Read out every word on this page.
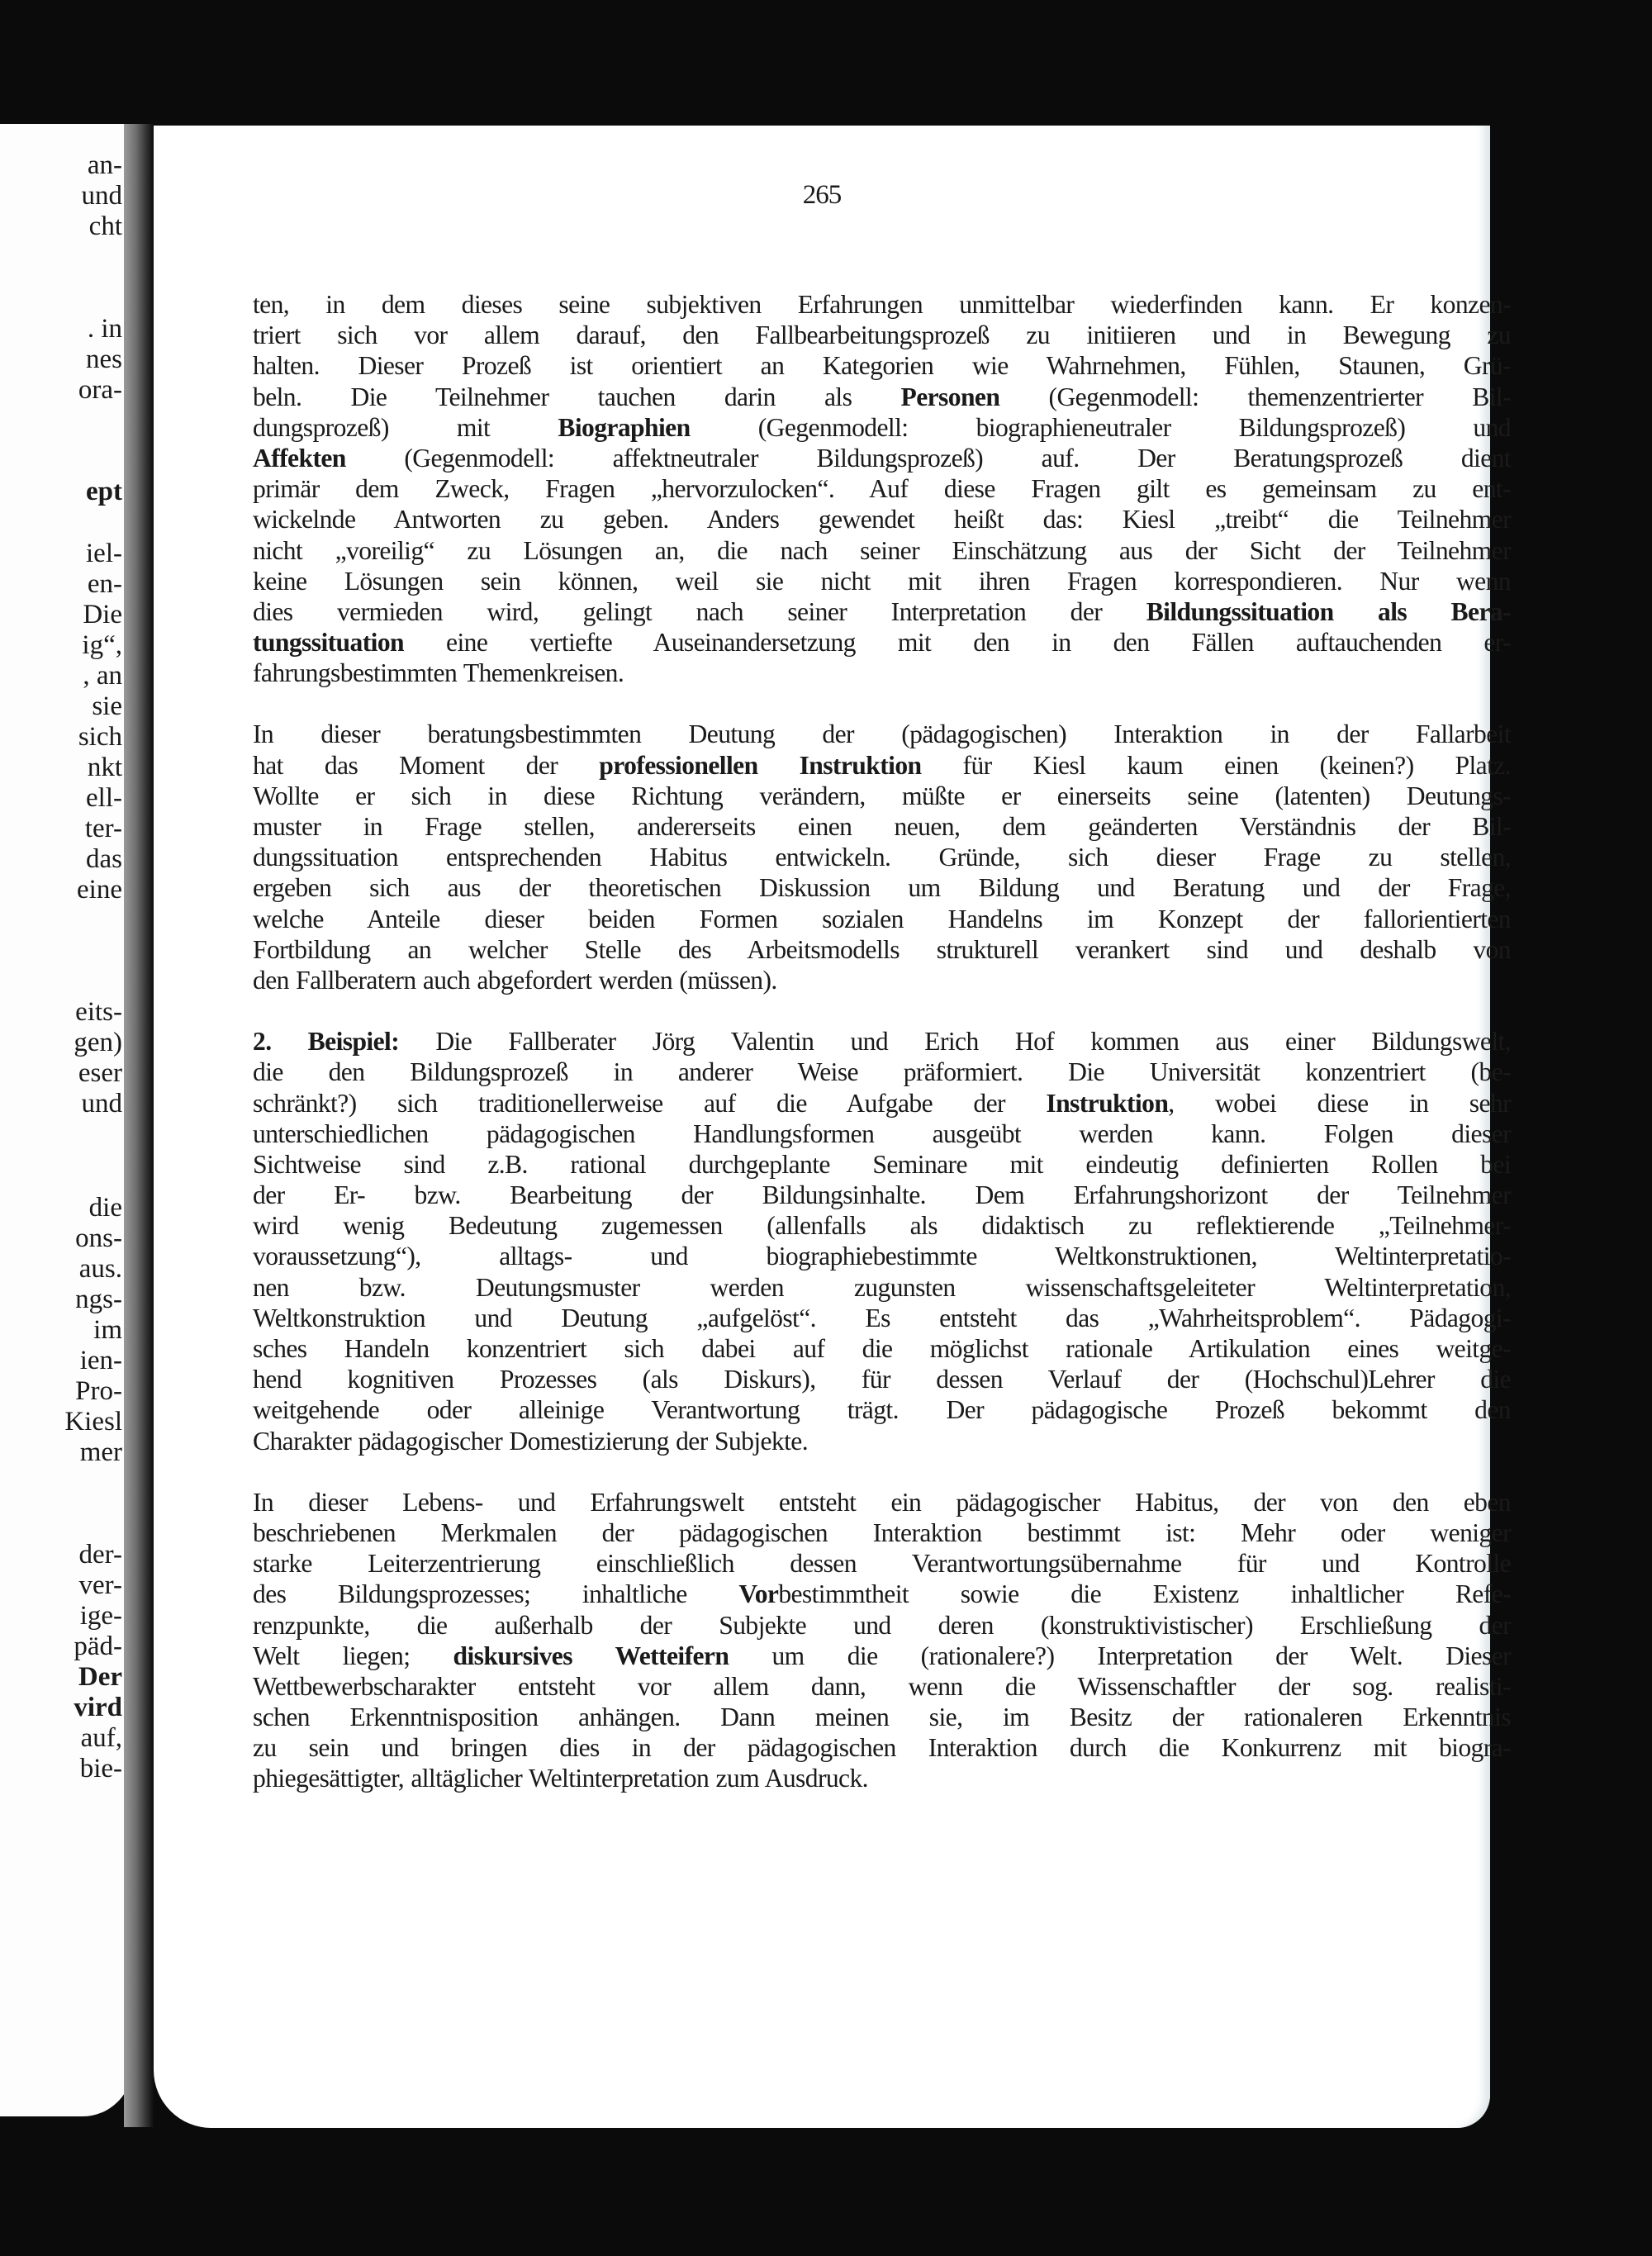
an-
und
cht
. in
nes
ora-
ept
iel-
en-
Die
ig“,
, an
sie
sich
nkt
ell-
ter-
das
eine
eits-
gen)
eser
und
die
ons-
aus.
ngs-
im
ien-
Pro-
Kiesl
mer
der-
ver-
ige-
päd-
Der
vird
auf,
bie-
265
ten, in dem dieses seine subjektiven Erfahrungen unmittelbar wiederfinden kann. Er konzen-
triert sich vor allem darauf, den Fallbearbeitungsprozeß zu initiieren und in Bewegung zu
halten. Dieser Prozeß ist orientiert an Kategorien wie Wahrnehmen, Fühlen, Staunen, Grü-
beln. Die Teilnehmer tauchen darin als Personen (Gegenmodell: themenzentrierter Bil-
dungsprozeß) mit Biographien (Gegenmodell: biographieneutraler Bildungsprozeß) und
Affekten (Gegenmodell: affektneutraler Bildungsprozeß) auf. Der Beratungsprozeß dient
primär dem Zweck, Fragen „hervorzulocken“. Auf diese Fragen gilt es gemeinsam zu ent-
wickelnde Antworten zu geben. Anders gewendet heißt das: Kiesl „treibt“ die Teilnehmer
nicht „voreilig“ zu Lösungen an, die nach seiner Einschätzung aus der Sicht der Teilnehmer
keine Lösungen sein können, weil sie nicht mit ihren Fragen korrespondieren. Nur wenn
dies vermieden wird, gelingt nach seiner Interpretation der Bildungssituation als Bera-
tungssituation eine vertiefte Auseinandersetzung mit den in den Fällen auftauchenden er-
fahrungsbestimmten Themenkreisen.
In dieser beratungsbestimmten Deutung der (pädagogischen) Interaktion in der Fallarbeit
hat das Moment der professionellen Instruktion für Kiesl kaum einen (keinen?) Platz.
Wollte er sich in diese Richtung verändern, müßte er einerseits seine (latenten) Deutungs-
muster in Frage stellen, andererseits einen neuen, dem geänderten Verständnis der Bil-
dungssituation entsprechenden Habitus entwickeln. Gründe, sich dieser Frage zu stellen,
ergeben sich aus der theoretischen Diskussion um Bildung und Beratung und der Frage,
welche Anteile dieser beiden Formen sozialen Handelns im Konzept der fallorientierten
Fortbildung an welcher Stelle des Arbeitsmodells strukturell verankert sind und deshalb von
den Fallberatern auch abgefordert werden (müssen).
2. Beispiel: Die Fallberater Jörg Valentin und Erich Hof kommen aus einer Bildungswelt,
die den Bildungsprozeß in anderer Weise präformiert. Die Universität konzentriert (be-
schränkt?) sich traditionellerweise auf die Aufgabe der Instruktion, wobei diese in sehr
unterschiedlichen pädagogischen Handlungsformen ausgeübt werden kann. Folgen dieser
Sichtweise sind z.B. rational durchgeplante Seminare mit eindeutig definierten Rollen bei
der Er- bzw. Bearbeitung der Bildungsinhalte. Dem Erfahrungshorizont der Teilnehmer
wird wenig Bedeutung zugemessen (allenfalls als didaktisch zu reflektierende „Teilnehmer-
voraussetzung“), alltags- und biographiebestimmte Weltkonstruktionen, Weltinterpretatio-
nen bzw. Deutungsmuster werden zugunsten wissenschaftsgeleiteter Weltinterpretation,
Weltkonstruktion und Deutung „aufgelöst“. Es entsteht das „Wahrheitsproblem“. Pädagogi-
sches Handeln konzentriert sich dabei auf die möglichst rationale Artikulation eines weitge-
hend kognitiven Prozesses (als Diskurs), für dessen Verlauf der (Hochschul)Lehrer die
weitgehende oder alleinige Verantwortung trägt. Der pädagogische Prozeß bekommt den
Charakter pädagogischer Domestizierung der Subjekte.
In dieser Lebens- und Erfahrungswelt entsteht ein pädagogischer Habitus, der von den eben
beschriebenen Merkmalen der pädagogischen Interaktion bestimmt ist: Mehr oder weniger
starke Leiterzentrierung einschließlich dessen Verantwortungsübernahme für und Kontrolle
des Bildungsprozesses; inhaltliche Vorbestimmtheit sowie die Existenz inhaltlicher Refe-
renzpunkte, die außerhalb der Subjekte und deren (konstruktivistischer) Erschließung der
Welt liegen; diskursives Wetteifern um die (rationalere?) Interpretation der Welt. Dieser
Wettbewerbscharakter entsteht vor allem dann, wenn die Wissenschaftler der sog. realisti-
schen Erkenntnisposition anhängen. Dann meinen sie, im Besitz der rationaleren Erkenntnis
zu sein und bringen dies in der pädagogischen Interaktion durch die Konkurrenz mit biogra-
phiegesättigter, alltäglicher Weltinterpretation zum Ausdruck.
